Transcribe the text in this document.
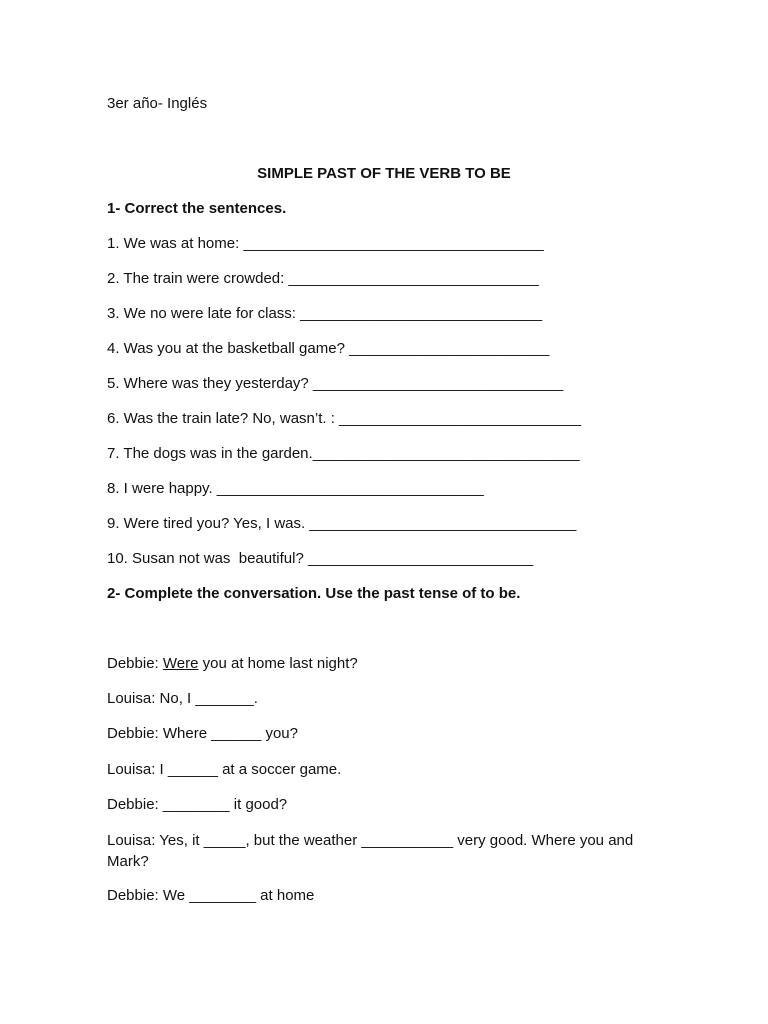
3er año- Inglés
SIMPLE PAST OF THE VERB TO BE
1- Correct the sentences.
1. We was at home: ____________________________________
2. The train were crowded: ______________________________
3. We no were late for class: _____________________________
4. Was you at the basketball game? ________________________
5. Where was they yesterday? ______________________________
6. Was the train late? No, wasn’t. : _____________________________
7. The dogs was in the garden.________________________________
8. I were happy. ________________________________
9. Were tired you? Yes, I was. ________________________________
10. Susan not was  beautiful? ___________________________
2- Complete the conversation. Use the past tense of to be.
Debbie: Were you at home last night?
Louisa: No, I _______.
Debbie: Where ______ you?
Louisa: I ______ at a soccer game.
Debbie: ________ it good?
Louisa: Yes, it _____, but the weather ___________ very good. Where you and Mark?
Debbie: We ________ at home
